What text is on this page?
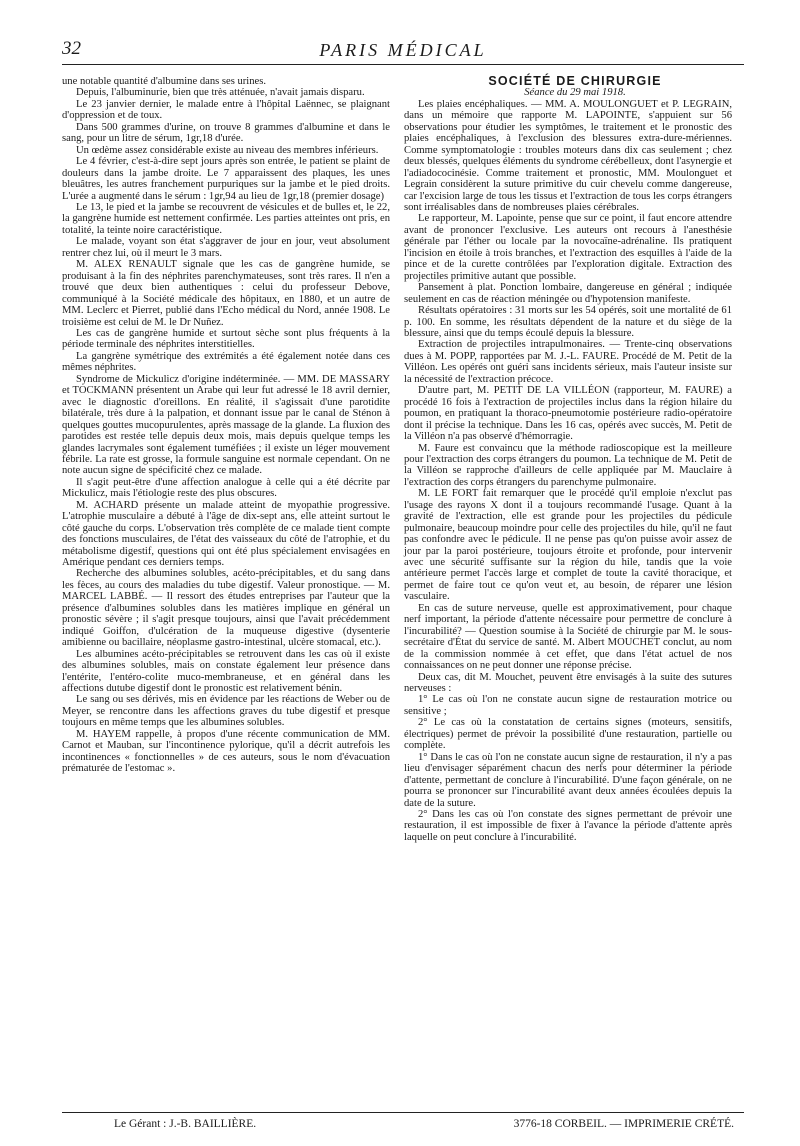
32	PARIS MÉDICAL

une notable quantité d'albumine dans ses urines.

Depuis, l'albuminurie, bien que très atténuée, n'avait jamais disparu.

Le 23 janvier dernier, le malade entre à l'hôpital Laënnec, se plaignant d'oppression et de toux.

Dans 500 grammes d'urine, on trouve 8 grammes d'albumine et dans le sang, pour un litre de sérum, 1gr,18 d'urée.

Un œdème assez considérable existe au niveau des membres inférieurs.

Le 4 février, c'est-à-dire sept jours après son entrée, le patient se plaint de douleurs dans la jambe droite. Le 7 apparaissent des plaques, les unes bleuâtres, les autres franchement purpuriques sur la jambe et le pied droits. L'urée a augmenté dans le sérum : 1gr,94 au lieu de 1gr,18 (premier dosage)

Le 13, le pied et la jambe se recouvrent de vésicules et de bulles et, le 22, la gangrène humide est nettement confirmée. Les parties atteintes ont pris, en totalité, la teinte noire caractéristique.

Le malade, voyant son état s'aggraver de jour en jour, veut absolument rentrer chez lui, où il meurt le 3 mars.

M. ALEX RENAULT signale que les cas de gangrène humide, se produisant à la fin des néphrites parenchymateuses, sont très rares. Il n'en a trouvé que deux bien authentiques : celui du professeur Debove, communiqué à la Société médicale des hôpitaux, en 1880, et un autre de MM. Leclerc et Pierret, publié dans l'Echo médical du Nord, année 1908. Le troisième est celui de M. le Dr Nuñez.

Les cas de gangrène humide et surtout sèche sont plus fréquents à la période terminale des néphrites interstitielles.

La gangrène symétrique des extrémités a été également notée dans ces mêmes néphrites.

Syndrome de Mickulicz d'origine indéterminée. — MM. DE MASSARY et TOCKMANN présentent un Arabe qui leur fut adressé le 18 avril dernier, avec le diagnostic d'oreillons. En réalité, il s'agissait d'une parotidite bilatérale, très dure à la palpation, et donnant issue par le canal de Sténon à quelques gouttes mucopurulentes, après massage de la glande. La fluxion des parotides est restée telle depuis deux mois, mais depuis quelque temps les glandes lacrymales sont également tuméfiées ; il existe un léger mouvement fébrile. La rate est grosse, la formule sanguine est normale cependant. On ne note aucun signe de spécificité chez ce malade.

Il s'agit peut-être d'une affection analogue à celle qui a été décrite par Mickulicz, mais l'étiologie reste des plus obscures.

M. ACHARD présente un malade atteint de myopathie progressive. L'atrophie musculaire a débuté à l'âge de dix-sept ans, elle atteint surtout le côté gauche du corps. L'observation très complète de ce malade tient compte des fonctions musculaires, de l'état des vaisseaux du côté de l'atrophie, et du métabolisme digestif, questions qui ont été plus spécialement envisagées en Amérique pendant ces derniers temps.

Recherche des albumines solubles, acéto-précipitables, et du sang dans les fèces, au cours des maladies du tube digestif. Valeur pronostique. — M. MARCEL LABBÉ. — Il ressort des études entreprises par l'auteur que la présence d'albumines solubles dans les matières implique en général un pronostic sévère ; il s'agit presque toujours, ainsi que l'avait précédemment indiqué Goiffon, d'ulcération de la muqueuse digestive (dysenterie amibienne ou bacillaire, néoplasme gastro-intestinal, ulcère stomacal, etc.).

Les albumines acéto-précipitables se retrouvent dans les cas où il existe des albumines solubles, mais on constate également leur présence dans l'entérite, l'entéro-colite muco-membraneuse, et en général dans les affections dutube digestif dont le pronostic est relativement bénin.

Le sang ou ses dérivés, mis en évidence par les réactions de Weber ou de Meyer, se rencontre dans les affections graves du tube digestif et presque toujours en même temps que les albumines solubles.

M. HAYEM rappelle, à propos d'une récente communication de MM. Carnot et Mauban, sur l'incontinence pylorique, qu'il a décrit autrefois les incontinences « fonctionnelles » de ces auteurs, sous le nom d'évacuation prématurée de l'estomac ».

SOCIÉTÉ DE CHIRURGIE

Séance du 29 mai 1918.

Les plaies encéphaliques. — MM. A. MOULONGUET et P. LEGRAIN, dans un mémoire que rapporte M. LAPOINTE, s'appuient sur 56 observations pour étudier les symptômes, le traitement et le pronostic des plaies encéphaliques, à l'exclusion des blessures extra-dure-mériennes. Comme symptomatologie : troubles moteurs dans dix cas seulement ; chez deux blessés, quelques éléments du syndrome cérébelleux, dont l'asynergie et l'adiadococinésie. Comme traitement et pronostic, MM. Moulonguet et Legrain considèrent la suture primitive du cuir chevelu comme dangereuse, car l'excision large de tous les tissus et l'extraction de tous les corps étrangers sont irréalisables dans de nombreuses plaies cérébrales.

Le rapporteur, M. Lapointe, pense que sur ce point, il faut encore attendre avant de prononcer l'exclusive. Les auteurs ont recours à l'anesthésie générale par l'éther ou locale par la novocaïne-adrénaline. Ils pratiquent l'incision en étoile à trois branches, et l'extraction des esquilles à l'aide de la pince et de la curette contrôlées par l'exploration digitale. Extraction des projectiles primitive autant que possible.

Pansement à plat. Ponction lombaire, dangereuse en général ; indiquée seulement en cas de réaction méningée ou d'hypotension manifeste.

Résultats opératoires : 31 morts sur les 54 opérés, soit une mortalité de 61 p. 100. En somme, les résultats dépendent de la nature et du siège de la blessure, ainsi que du temps écoulé depuis la blessure.

Extraction de projectiles intrapulmonaires. — Trente-cinq observations dues à M. POPP, rapportées par M. J.-L. FAURE. Procédé de M. Petit de la Villéon. Les opérés ont guéri sans incidents sérieux, mais l'auteur insiste sur la nécessité de l'extraction précoce.

D'autre part, M. PETIT DE LA VILLÉON (rapporteur, M. FAURE) a procédé 16 fois à l'extraction de projectiles inclus dans la région hilaire du poumon, en pratiquant la thoraco-pneumotomie postérieure radio-opératoire dont il précise la technique. Dans les 16 cas, opérés avec succès, M. Petit de la Villéon n'a pas observé d'hémorragie.

M. Faure est convaincu que la méthode radioscopique est la meilleure pour l'extraction des corps étrangers du poumon. La technique de M. Petit de la Villéon se rapproche d'ailleurs de celle appliquée par M. Mauclaire à l'extraction des corps étrangers du parenchyme pulmonaire.

M. LE FORT fait remarquer que le procédé qu'il emploie n'exclut pas l'usage des rayons X dont il a toujours recommandé l'usage. Quant à la gravité de l'extraction, elle est grande pour les projectiles du pédicule pulmonaire, beaucoup moindre pour celle des projectiles du hile, qu'il ne faut pas confondre avec le pédicule. Il ne pense pas qu'on puisse avoir assez de jour par la paroi postérieure, toujours étroite et profonde, pour intervenir avec une sécurité suffisante sur la région du hile, tandis que la voie antérieure permet l'accès large et complet de toute la cavité thoracique, et permet de faire tout ce qu'on veut et, au besoin, de réparer une lésion vasculaire.

En cas de suture nerveuse, quelle est approximativement, pour chaque nerf important, la période d'attente nécessaire pour permettre de conclure à l'incurabilité? — Question soumise à la Société de chirurgie par M. le sous-secrétaire d'État du service de santé. M. Albert MOUCHET conclut, au nom de la commission nommée à cet effet, que dans l'état actuel de nos connaissances on ne peut donner une réponse précise.

Deux cas, dit M. Mouchet, peuvent être envisagés à la suite des sutures nerveuses :

1° Le cas où l'on ne constate aucun signe de restauration motrice ou sensitive ;

2° Le cas où la constatation de certains signes (moteurs, sensitifs, électriques) permet de prévoir la possibilité d'une restauration, partielle ou complète.

1° Dans le cas où l'on ne constate aucun signe de restauration, il n'y a pas lieu d'envisager séparément chacun des nerfs pour déterminer la période d'attente, permettant de conclure à l'incurabilité. D'une façon générale, on ne pourra se prononcer sur l'incurabilité avant deux années écoulées depuis la date de la suture.

2° Dans les cas où l'on constate des signes permettant de prévoir une restauration, il est impossible de fixer à l'avance la période d'attente après laquelle on peut conclure à l'incurabilité.

Le Gérant : J.-B. BAILLIÈRE.	3776-18 CORBEIL. — IMPRIMERIE CRÉTÉ.
